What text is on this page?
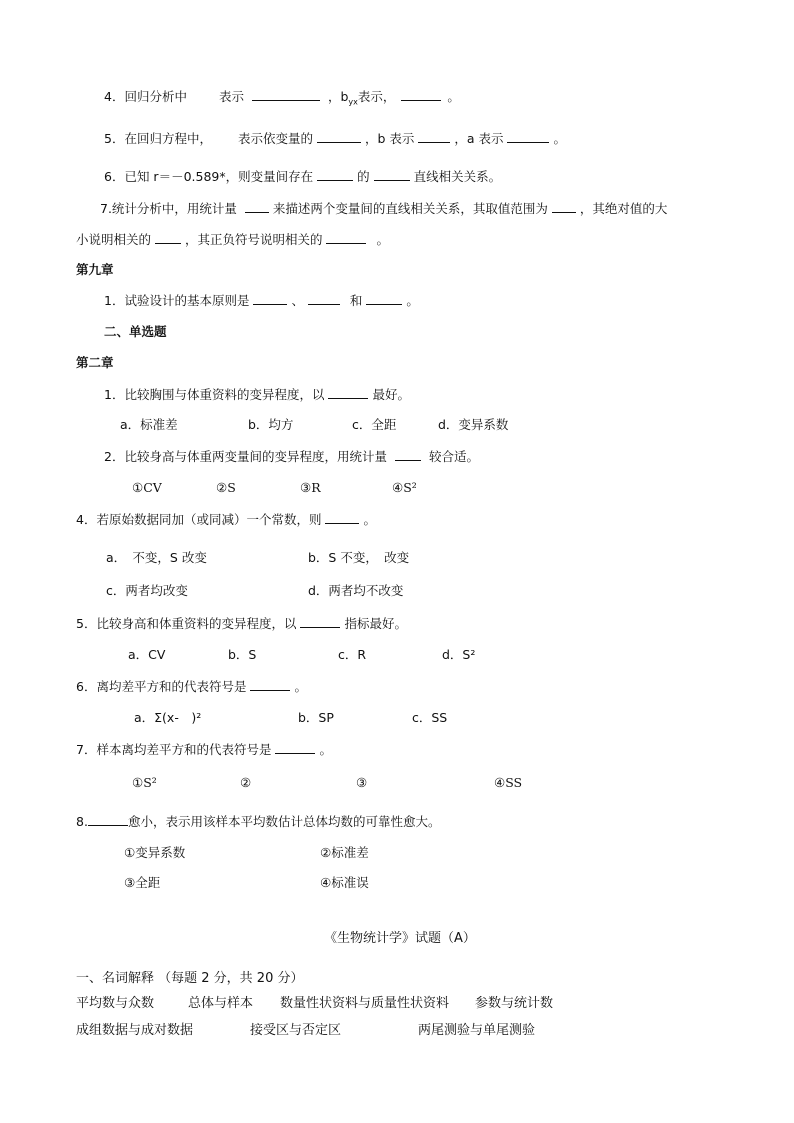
4．回归分析中	表示	，$b_{yx}$表示，	。
5．在回归方程中， 表示依变量的	，b 表示	，a 表示	。
6．已知 r＝－0.589*，则变量间存在	的	直线相关关系。
7.统计分析中，用统计量	来描述两个变量间的直线相关关系，其取值范围为	，其绝对值的大
小说明相关的	，其正负符号说明相关的	。
第九章
1．试验设计的基本原则是	、	和	。
二、单选题
第二章
1．比较胸围与体重资料的变异程度，以	最好。
a．标准差	b．均方	c．全距	d．变异系数
2．比较身高与体重两变量间的变异程度，用统计量	较合适。
①CV	②S	③R	④S²
4．若原始数据同加（或同减）一个常数，则	。
a．　不变，S 改变	b．S 不变，　改变
c．两者均改变	d．两者均不改变
5．比较身高和体重资料的变异程度，以	指标最好。
a．CV	b．S	c．R	d．S²
6．离均差平方和的代表符号是	。
a．Σ(x-　)²	b．SP	c．SS
7．样本离均差平方和的代表符号是	。
①S²	②	③	④SS
8.	愈小，表示用该样本平均数估计总体均数的可靠性愈大。
①变异系数	②标准差
③全距	④标准误
《生物统计学》试题（A）
一、名词解释 （每题 2 分，共 20 分）
平均数与众数	总体与样本 数量性状资料与质量性状资料 参数与统计数
成组数据与成对数据	接受区与否定区	两尾测验与单尾测验
